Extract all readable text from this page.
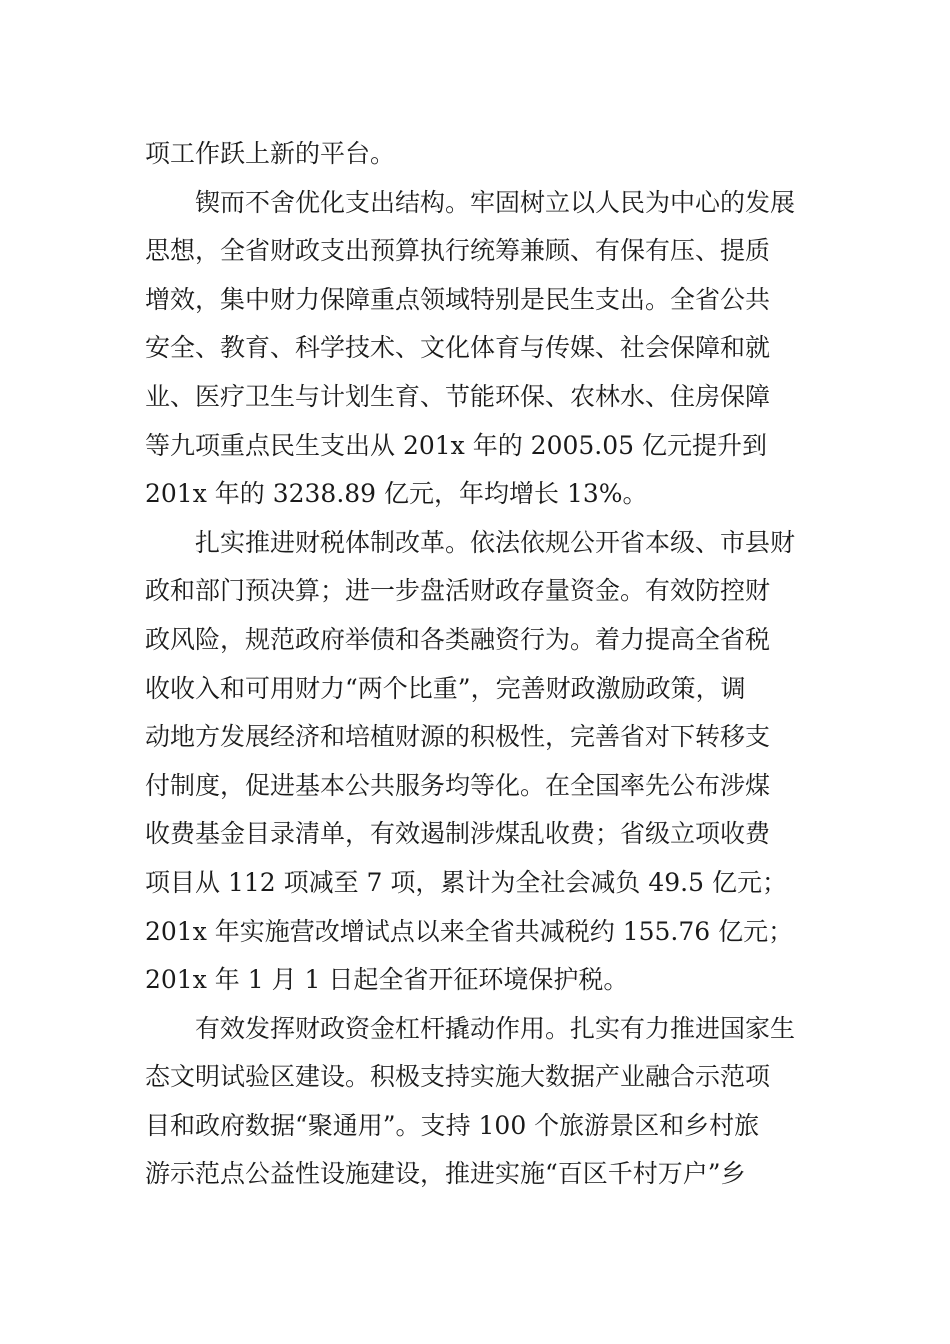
项工作跃上新的平台。
锲而不舍优化支出结构。牢固树立以人民为中心的发展
思想，全省财政支出预算执行统筹兼顾、有保有压、提质
增效，集中财力保障重点领域特别是民生支出。全省公共
安全、教育、科学技术、文化体育与传媒、社会保障和就
业、医疗卫生与计划生育、节能环保、农林水、住房保障
等九项重点民生支出从 201x 年的 2005.05 亿元提升到
201x 年的 3238.89 亿元，年均增长 13%。
扎实推进财税体制改革。依法依规公开省本级、市县财
政和部门预决算；进一步盘活财政存量资金。有效防控财
政风险，规范政府举债和各类融资行为。着力提高全省税
收收入和可用财力“两个比重”，完善财政激励政策，调
动地方发展经济和培植财源的积极性，完善省对下转移支
付制度，促进基本公共服务均等化。在全国率先公布涉煤
收费基金目录清单，有效遏制涉煤乱收费；省级立项收费
项目从 112 项减至 7 项，累计为全社会减负 49.5 亿元；
201x 年实施营改增试点以来全省共减税约 155.76 亿元；
201x 年 1 月 1 日起全省开征环境保护税。
有效发挥财政资金杠杆撬动作用。扎实有力推进国家生
态文明试验区建设。积极支持实施大数据产业融合示范项
目和政府数据“聚通用”。支持 100 个旅游景区和乡村旅
游示范点公益性设施建设，推进实施“百区千村万户”乡
